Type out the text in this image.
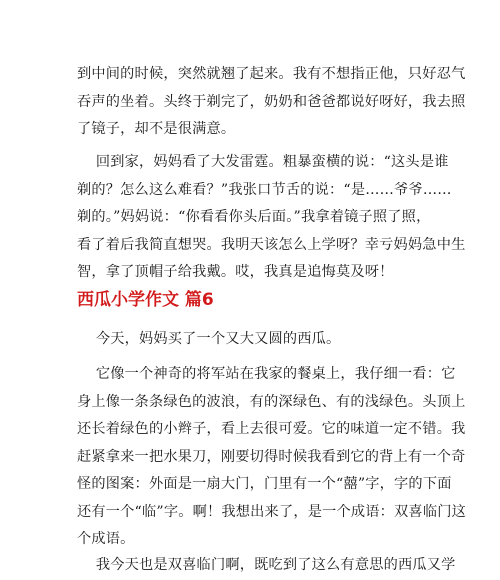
到中间的时候，突然就翘了起来。我有不想指正他，只好忍气
吞声的坐着。头终于剃完了，奶奶和爸爸都说好呀好，我去照
了镜子，却不是很满意。
回到家，妈妈看了大发雷霆。粗暴蛮横的说：“这头是谁
剃的？怎么这么难看？”我张口节舌的说：“是……爷爷……
剃的。”妈妈说：“你看看你头后面。”我拿着镜子照了照，
看了着后我简直想哭。我明天该怎么上学呀？幸亏妈妈急中生
智，拿了顶帽子给我戴。哎，我真是追悔莫及呀！
西瓜小学作文 篇6
今天，妈妈买了一个又大又圆的西瓜。
它像一个神奇的将军站在我家的餐桌上，我仔细一看：它
身上像一条条绿色的波浪，有的深绿色、有的浅绿色。头顶上
还长着绿色的小辫子，看上去很可爱。它的味道一定不错。我
赶紧拿来一把水果刀，刚要切得时候我看到它的背上有一个奇
怪的图案：外面是一扇大门，门里有一个“囍”字，字的下面
还有一个“临”字。啊！我想出来了，是一个成语：双喜临门这
个成语。
我今天也是双喜临门啊，既吃到了这么有意思的西瓜又学
